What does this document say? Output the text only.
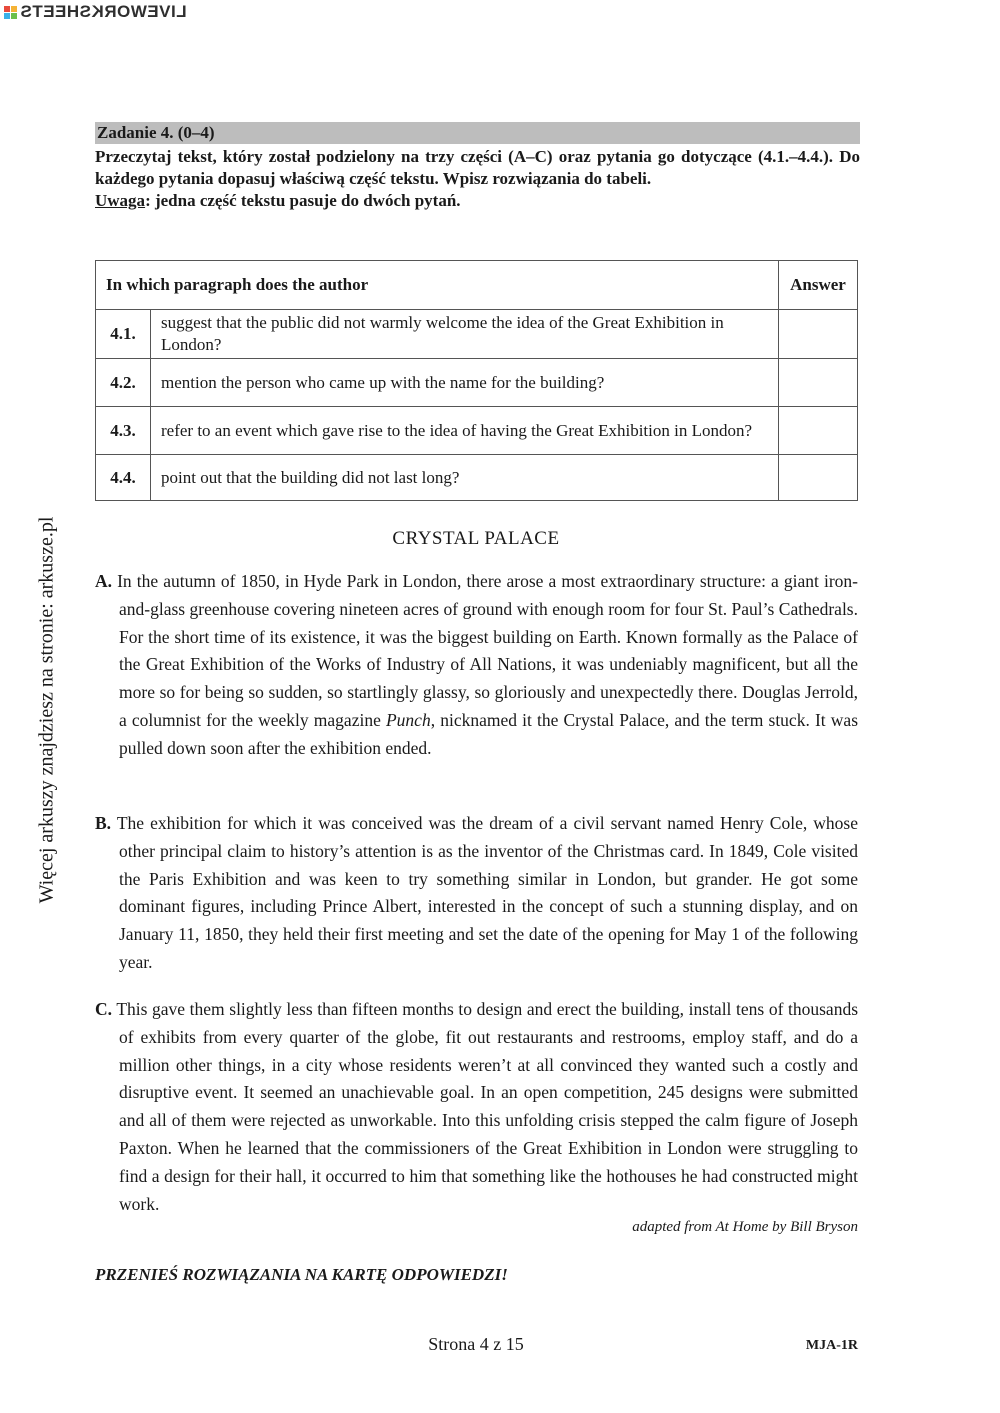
LIVEWORKSHEETS
Więcej arkuszy znajdziesz na stronie: arkusze.pl
Zadanie 4. (0–4)

Przeczytaj tekst, który został podzielony na trzy części (A–C) oraz pytania go dotyczące (4.1.–4.4.). Do każdego pytania dopasuj właściwą część tekstu. Wpisz rozwiązania do tabeli.

Uwaga: jedna część tekstu pasuje do dwóch pytań.

In which paragraph does the author		Answer
4.1.	suggest that the public did not warmly welcome the idea of the Great Exhibition in London?	
4.2.	mention the person who came up with the name for the building?	
4.3.	refer to an event which gave rise to the idea of having the Great Exhibition in London?	
4.4.	point out that the building did not last long?	
CRYSTAL PALACE
A. In the autumn of 1850, in Hyde Park in London, there arose a most extraordinary structure: a giant iron-and-glass greenhouse covering nineteen acres of ground with enough room for four St. Paul’s Cathedrals. For the short time of its existence, it was the biggest building on Earth. Known formally as the Palace of the Great Exhibition of the Works of Industry of All Nations, it was undeniably magnificent, but all the more so for being so sudden, so startlingly glassy, so gloriously and unexpectedly there. Douglas Jerrold, a columnist for the weekly magazine Punch, nicknamed it the Crystal Palace, and the term stuck. It was pulled down soon after the exhibition ended.
B. The exhibition for which it was conceived was the dream of a civil servant named Henry Cole, whose other principal claim to history’s attention is as the inventor of the Christmas card. In 1849, Cole visited the Paris Exhibition and was keen to try something similar in London, but grander. He got some dominant figures, including Prince Albert, interested in the concept of such a stunning display, and on January 11, 1850, they held their first meeting and set the date of the opening for May 1 of the following year.
C. This gave them slightly less than fifteen months to design and erect the building, install tens of thousands of exhibits from every quarter of the globe, fit out restaurants and restrooms, employ staff, and do a million other things, in a city whose residents weren’t at all convinced they wanted such a costly and disruptive event. It seemed an unachievable goal. In an open competition, 245 designs were submitted and all of them were rejected as unworkable. Into this unfolding crisis stepped the calm figure of Joseph Paxton. When he learned that the commissioners of the Great Exhibition in London were struggling to find a design for their hall, it occurred to him that something like the hothouses he had constructed might work.
adapted from At Home by Bill Bryson
PRZENIEŚ ROZWIĄZANIA NA KARTĘ ODPOWIEDZI!
Strona 4 z 15	MJA-1R
